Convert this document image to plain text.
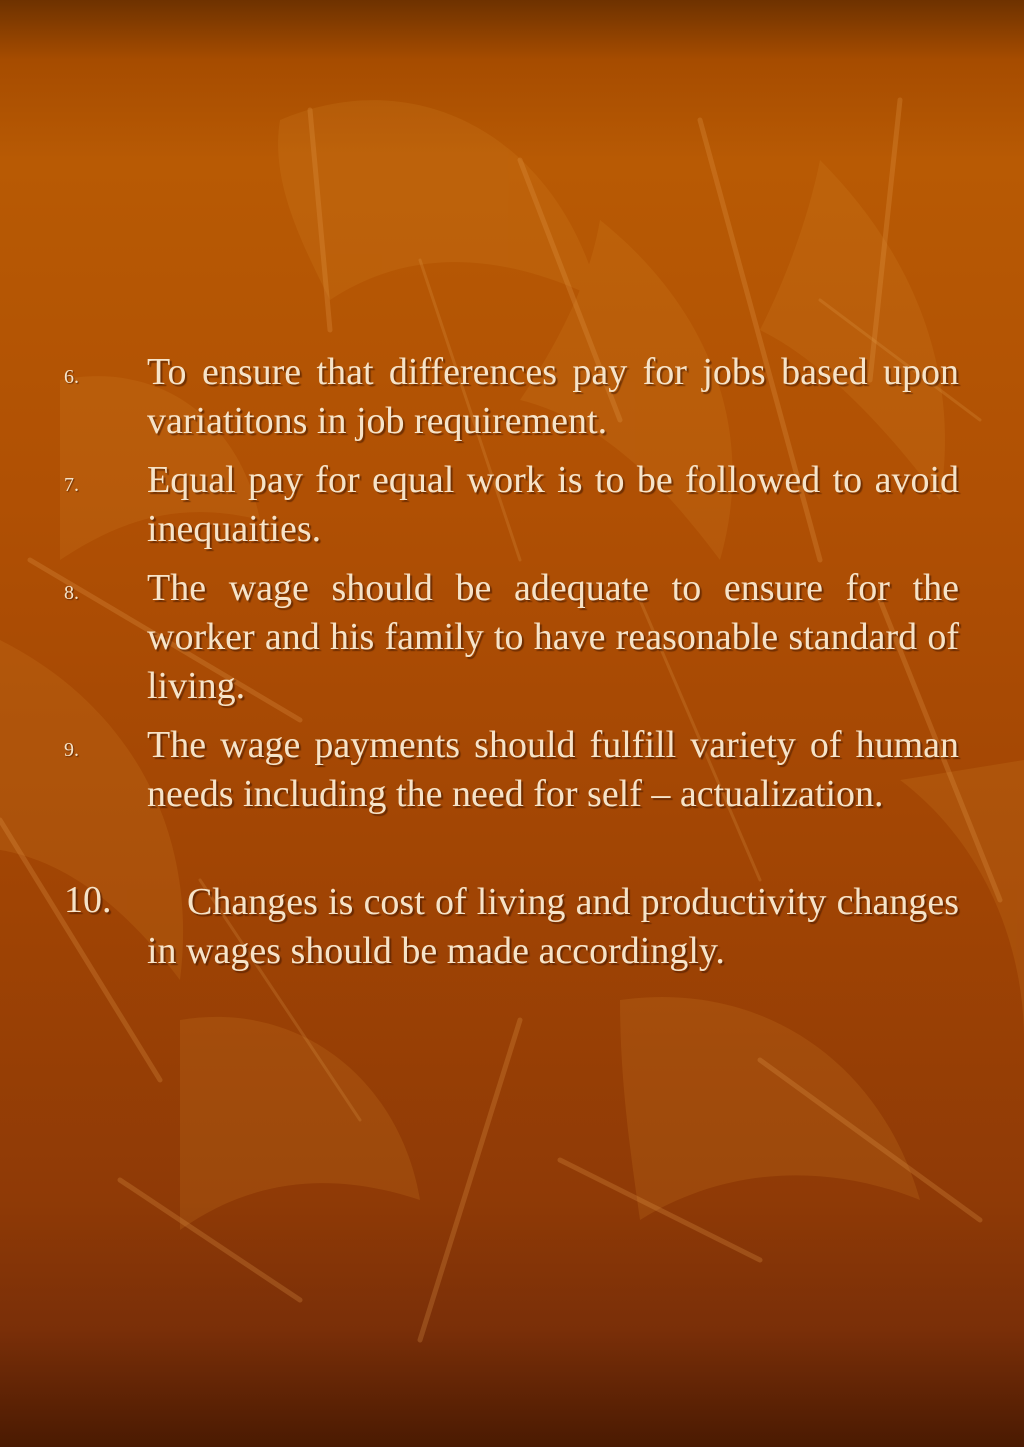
6. To ensure that differences pay for jobs based upon variatitons in job requirement.
7. Equal pay for equal work is to be followed to avoid inequaities.
8. The wage should be adequate to ensure for the worker and his family to have reasonable standard of living.
9. The wage payments should fulfill variety of human needs including the need for self – actualization.
10.	Changes is cost of living and productivity changes in wages should be made accordingly.
